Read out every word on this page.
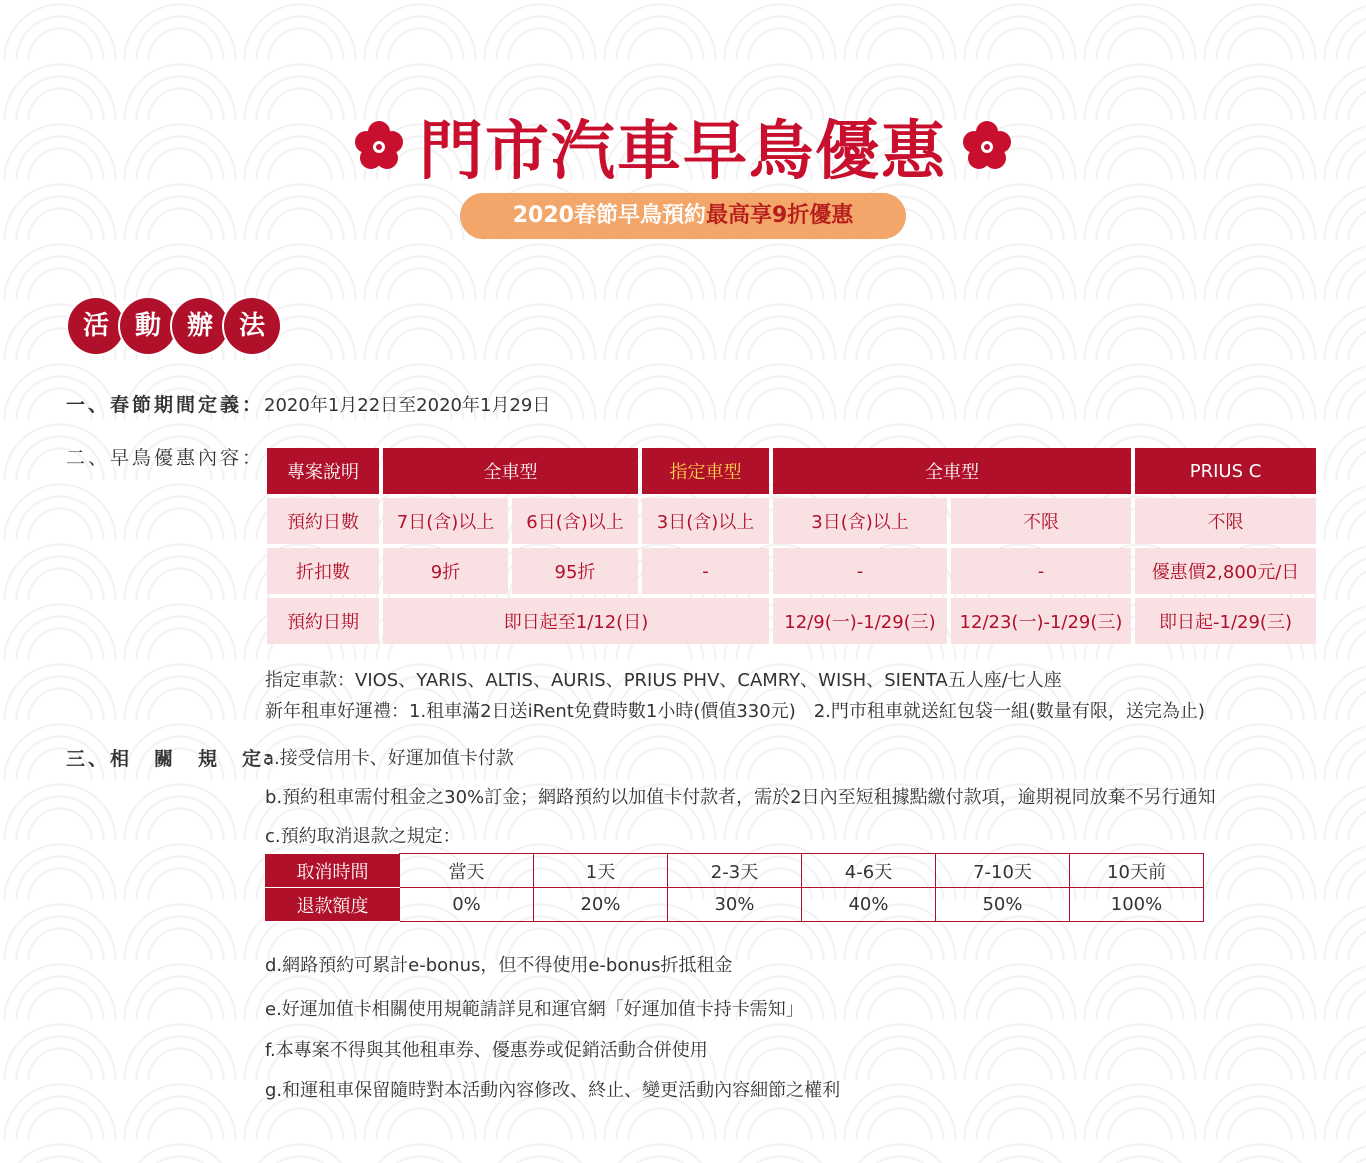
門市汽車早鳥優惠
2020春節早鳥預約最高享9折優惠
活 動 辦 法
一、春節期間定義：2020年1月22日至2020年1月29日
二、早鳥優惠內容：
專案說明	全車型		指定車型	全車型		PRIUS C
預約日數	7日(含)以上	6日(含)以上	3日(含)以上	3日(含)以上	不限	不限
折扣數	9折	95折	-	-	-	優惠價2,800元/日
預約日期	即日起至1/12(日)			12/9(一)-1/29(三)	12/23(一)-1/29(三)	即日起-1/29(三)
指定車款：VIOS、YARIS、ALTIS、AURIS、PRIUS PHV、CAMRY、WISH、SIENTA五人座/七人座
新年租車好運禮：1.租車滿2日送iRent免費時數1小時(價值330元)　2.門市租車就送紅包袋一組(數量有限，送完為止)
三、相　關　規　定：
a.接受信用卡、好運加值卡付款
b.預約租車需付租金之30%訂金；網路預約以加值卡付款者，需於2日內至短租據點繳付款項，逾期視同放棄不另行通知
c.預約取消退款之規定：
取消時間	當天	1天	2-3天	4-6天	7-10天	10天前
退款額度	0%	20%	30%	40%	50%	100%
d.網路預約可累計e-bonus，但不得使用e-bonus折抵租金
e.好運加值卡相關使用規範請詳見和運官網「好運加值卡持卡需知」
f.本專案不得與其他租車券、優惠券或促銷活動合併使用
g.和運租車保留隨時對本活動內容修改、終止、變更活動內容細節之權利
